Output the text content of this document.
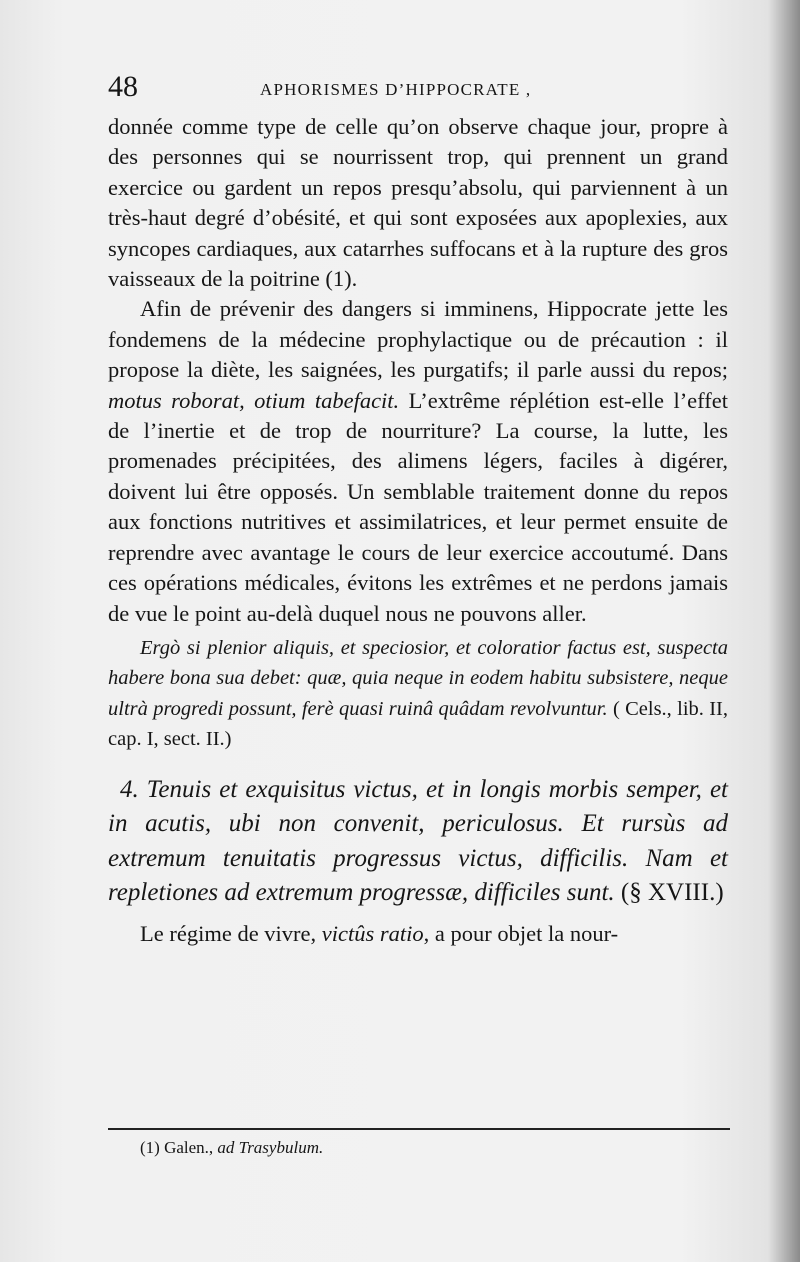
48	APHORISMES D’HIPPOCRATE ,

donnée comme type de celle qu’on observe chaque jour, propre à des personnes qui se nourrissent trop, qui prennent un grand exercice ou gardent un repos presqu’absolu, qui parviennent à un très-haut degré d’obésité, et qui sont exposées aux apoplexies, aux syncopes cardiaques, aux catarrhes suffocans et à la rupture des gros vaisseaux de la poitrine (1).

Afin de prévenir des dangers si imminens, Hippocrate jette les fondemens de la médecine prophylactique ou de précaution : il propose la diète, les saignées, les purgatifs; il parle aussi du repos; motus roborat, otium tabefacit. L’extrême réplétion est-elle l’effet de l’inertie et de trop de nourriture? La course, la lutte, les promenades précipitées, des alimens légers, faciles à digérer, doivent lui être opposés. Un semblable traitement donne du repos aux fonctions nutritives et assimilatrices, et leur permet ensuite de reprendre avec avantage le cours de leur exercice accoutumé. Dans ces opérations médicales, évitons les extrêmes et ne perdons jamais de vue le point au-delà duquel nous ne pouvons aller.

Ergò si plenior aliquis, et speciosior, et coloratior factus est, suspecta habere bona sua debet: quæ, quia neque in eodem habitu subsistere, neque ultrà progredi possunt, ferè quasi ruinâ quâdam revolvuntur. ( Cels., lib. II, cap. I, sect. II.)

4. Tenuis et exquisitus victus, et in longis morbis semper, et in acutis, ubi non convenit, periculosus. Et rursùs ad extremum tenuitatis progressus victus, difficilis. Nam et repletiones ad extremum progressæ, difficiles sunt. (§ XVIII.)

Le régime de vivre, victûs ratio, a pour objet la nour-

(1) Galen., ad Trasybulum.
